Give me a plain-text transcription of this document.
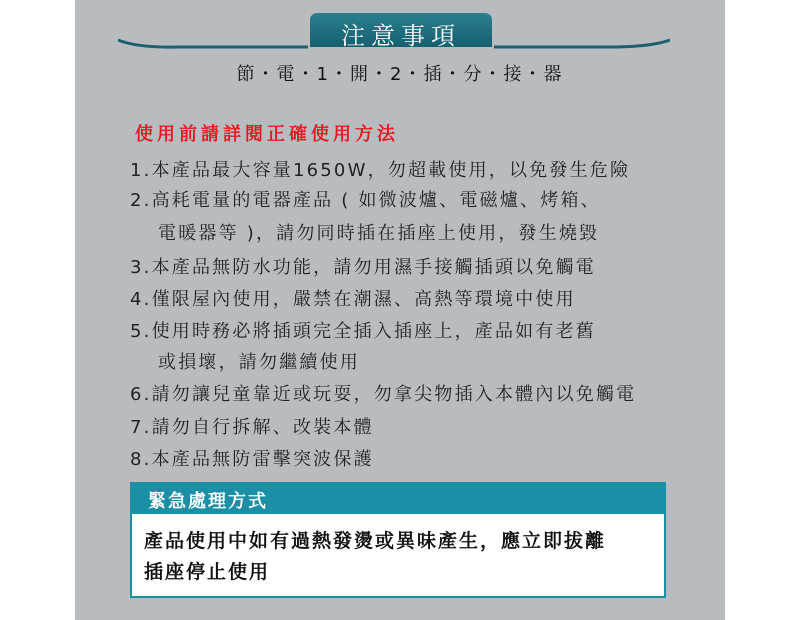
注意事項
節・電・1・開・2・插・分・接・器
使用前請詳閱正確使用方法
1.本產品最大容量1650W，勿超載使用，以免發生危險
2.高耗電量的電器產品 ( 如微波爐、電磁爐、烤箱、
電暖器等 )，請勿同時插在插座上使用，發生燒毀
3.本產品無防水功能，請勿用濕手接觸插頭以免觸電
4.僅限屋內使用，嚴禁在潮濕、高熱等環境中使用
5.使用時務必將插頭完全插入插座上，產品如有老舊
或損壞，請勿繼續使用
6.請勿讓兒童靠近或玩耍，勿拿尖物插入本體內以免觸電
7.請勿自行拆解、改裝本體
8.本產品無防雷擊突波保護
緊急處理方式
產品使用中如有過熱發燙或異味產生，應立即拔離
插座停止使用
